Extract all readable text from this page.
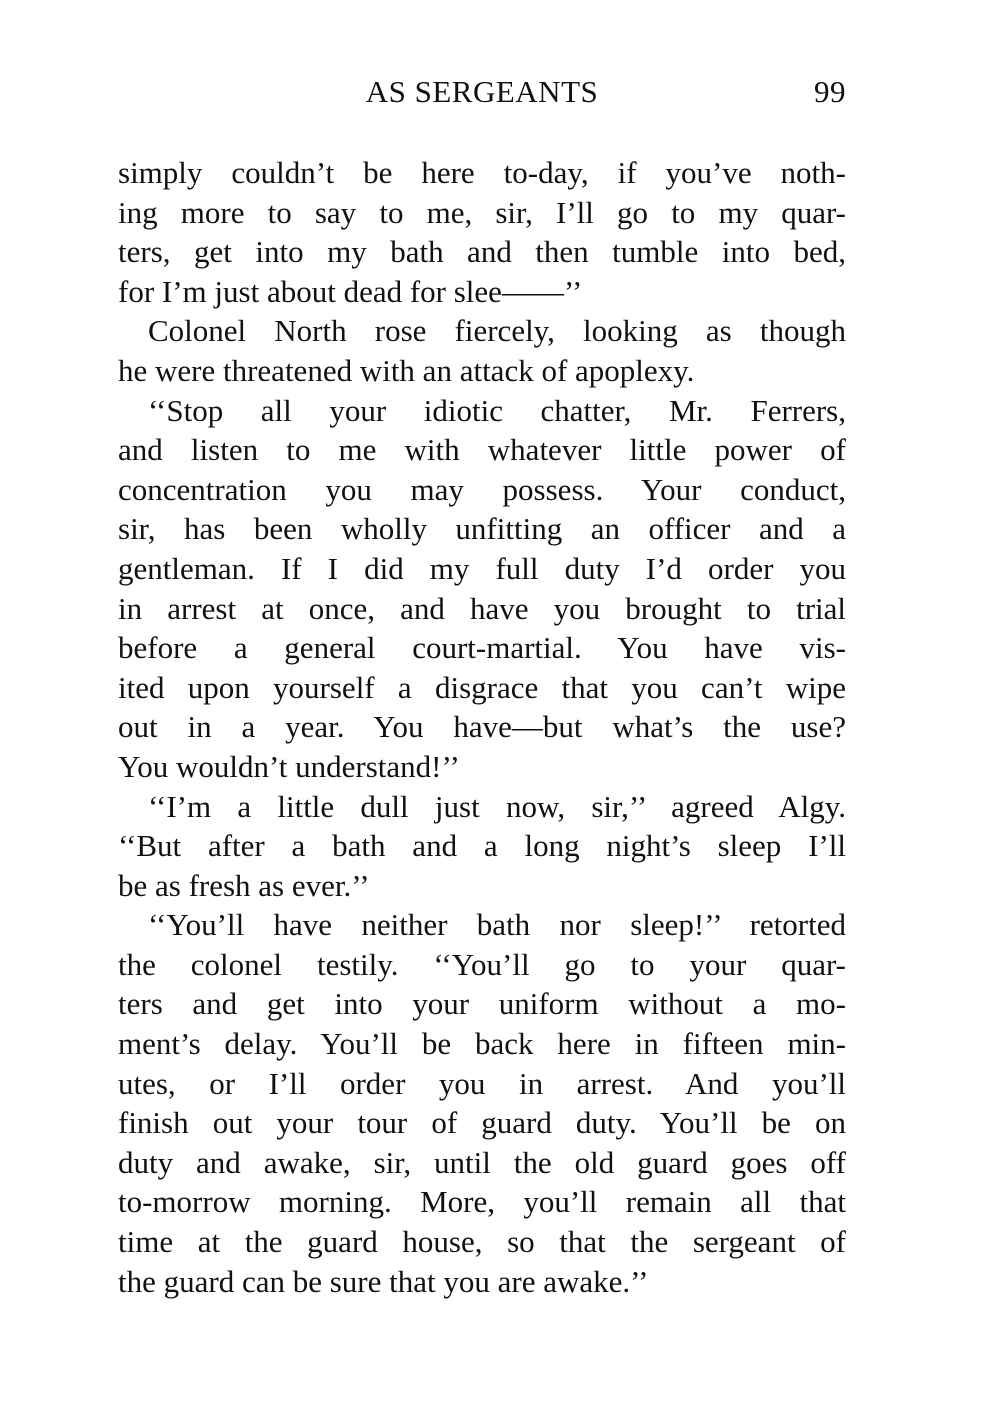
AS SERGEANTS	99
simply couldn’t be here to-day, if you’ve noth-
ing more to say to me, sir, I’ll go to my quar-
ters, get into my bath and then tumble into bed,
for I’m just about dead for slee——’’
Colonel North rose fiercely, looking as though
he were threatened with an attack of apoplexy.
‘‘Stop all your idiotic chatter, Mr. Ferrers,
and listen to me with whatever little power of
concentration you may possess. Your conduct,
sir, has been wholly unfitting an officer and a
gentleman. If I did my full duty I’d order you
in arrest at once, and have you brought to trial
before a general court-martial. You have vis-
ited upon yourself a disgrace that you can’t wipe
out in a year. You have—but what’s the use?
You wouldn’t understand!’’
‘‘I’m a little dull just now, sir,’’ agreed Algy.
‘‘But after a bath and a long night’s sleep I’ll
be as fresh as ever.’’
‘‘You’ll have neither bath nor sleep!’’ retorted
the colonel testily. ‘‘You’ll go to your quar-
ters and get into your uniform without a mo-
ment’s delay. You’ll be back here in fifteen min-
utes, or I’ll order you in arrest. And you’ll
finish out your tour of guard duty. You’ll be on
duty and awake, sir, until the old guard goes off
to-morrow morning. More, you’ll remain all that
time at the guard house, so that the sergeant of
the guard can be sure that you are awake.’’
